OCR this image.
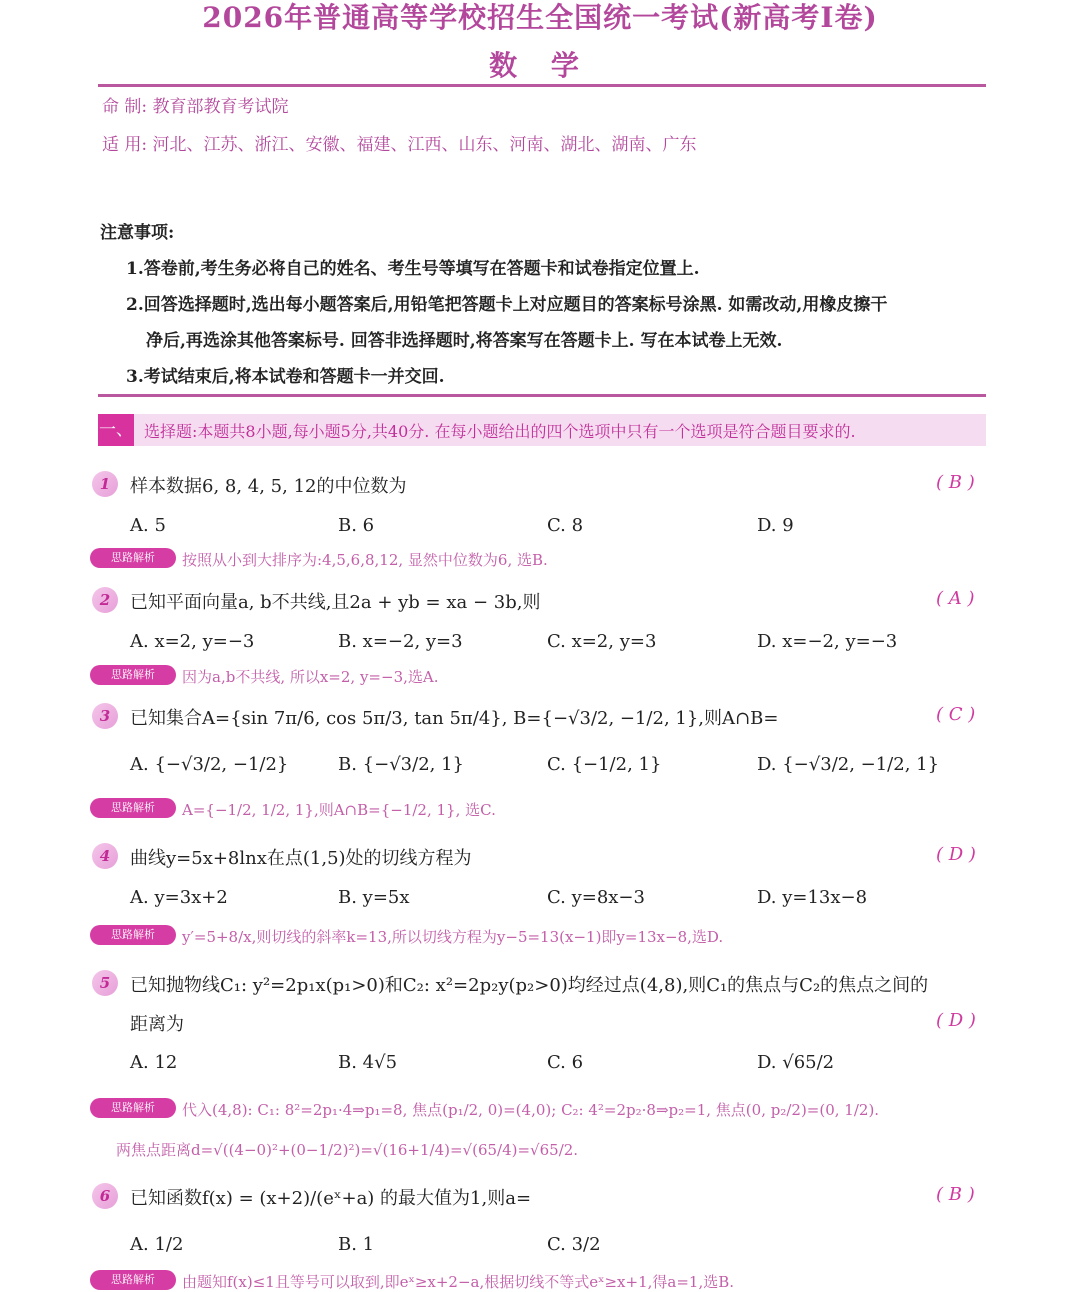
2026年普通高等学校招生全国统一考试(新高考Ⅰ卷)
数 学
命 制: 教育部教育考试院
适 用: 河北、江苏、浙江、安徽、福建、江西、山东、河南、湖北、湖南、广东
注意事项:
1.答卷前,考生务必将自己的姓名、考生号等填写在答题卡和试卷指定位置上.
2.回答选择题时,选出每小题答案后,用铅笔把答题卡上对应题目的答案标号涂黑. 如需改动,用橡皮擦干
净后,再选涂其他答案标号. 回答非选择题时,将答案写在答题卡上. 写在本试卷上无效.
3.考试结束后,将本试卷和答题卡一并交回.
一、 选择题:本题共8小题,每小题5分,共40分. 在每小题给出的四个选项中只有一个选项是符合题目要求的.
1	样本数据6, 8, 4, 5, 12的中位数为	( B )
A. 5	B. 6	C. 8	D. 9
思路解析	按照从小到大排序为:4,5,6,8,12, 显然中位数为6, 选B.
2	已知平面向量a, b不共线,且2a + yb = xa − 3b,则	( A )
A. x=2, y=−3	B. x=−2, y=3	C. x=2, y=3	D. x=−2, y=−3
思路解析	因为a,b不共线, 所以x=2, y=−3,选A.
3	已知集合A={sin 7π/6, cos 5π/3, tan 5π/4}, B={−√3/2, −1/2, 1},则A∩B=	( C )
A. {−√3/2, −1/2}	B. {−√3/2, 1}	C. {−1/2, 1}	D. {−√3/2, −1/2, 1}
思路解析	A={−1/2, 1/2, 1},则A∩B={−1/2, 1}, 选C.
4	曲线y=5x+8lnx在点(1,5)处的切线方程为	( D )
A. y=3x+2	B. y=5x	C. y=8x−3	D. y=13x−8
思路解析	y′=5+8/x,则切线的斜率k=13,所以切线方程为y−5=13(x−1)即y=13x−8,选D.
5	已知抛物线C₁: y²=2p₁x(p₁>0)和C₂: x²=2p₂y(p₂>0)均经过点(4,8),则C₁的焦点与C₂的焦点之间的
距离为	( D )
A. 12	B. 4√5	C. 6	D. √65/2
思路解析	代入(4,8): C₁: 8²=2p₁·4⇒p₁=8, 焦点(p₁/2, 0)=(4,0); C₂: 4²=2p₂·8⇒p₂=1, 焦点(0, p₂/2)=(0, 1/2).
两焦点距离d=√((4−0)²+(0−1/2)²)=√(16+1/4)=√(65/4)=√65/2.
6	已知函数f(x) = (x+2)/(eˣ+a) 的最大值为1,则a=	( B )
A. 1/2	B. 1	C. 3/2
思路解析	由题知f(x)≤1且等号可以取到,即eˣ≥x+2−a,根据切线不等式eˣ≥x+1,得a=1,选B.
